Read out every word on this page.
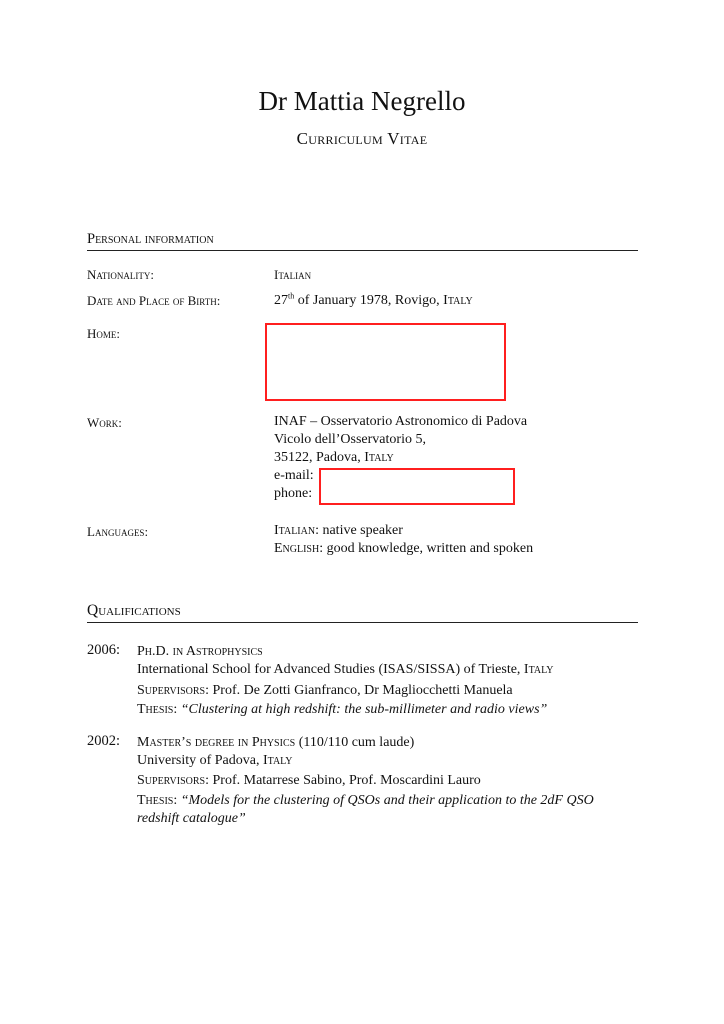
Dr Mattia Negrello
Curriculum Vitae
Personal information
Nationality:	Italian
Date and Place of Birth:	27th of January 1978, Rovigo, Italy
Home:
Work:	INAF – Osservatorio Astronomico di Padova
Vicolo dell’Osservatorio 5,
35122, Padova, Italy
e-mail:
phone:
Languages:	Italian: native speaker
English: good knowledge, written and spoken
Qualifications
2006: Ph.D. in Astrophysics
International School for Advanced Studies (ISAS/SISSA) of Trieste, Italy
Supervisors: Prof. De Zotti Gianfranco, Dr Magliocchetti Manuela
Thesis: “Clustering at high redshift: the sub-millimeter and radio views”
2002: Master’s degree in Physics (110/110 cum laude)
University of Padova, Italy
Supervisors: Prof. Matarrese Sabino, Prof. Moscardini Lauro
Thesis: “Models for the clustering of QSOs and their application to the 2dF QSO
redshift catalogue”
